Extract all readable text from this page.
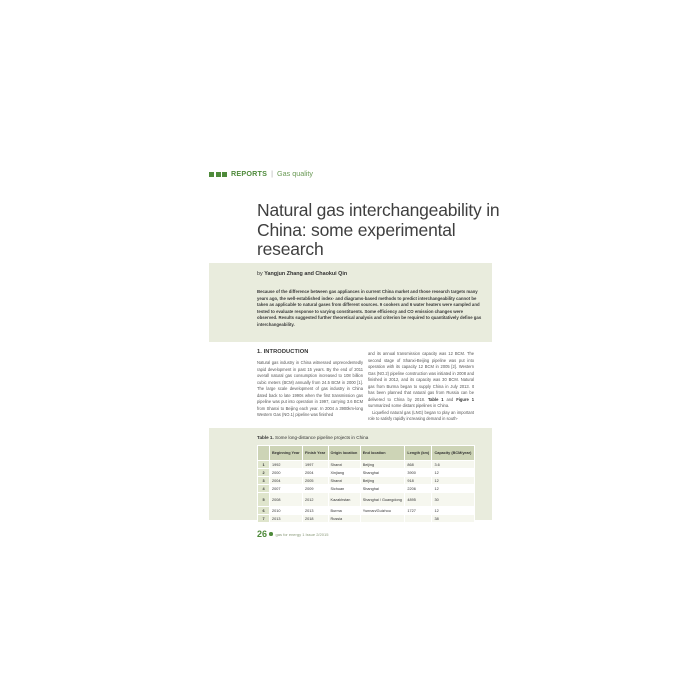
REPORTS | Gas quality
Natural gas interchangeability in China: some experimental research
by Yangjun Zhang and Chaokui Qin

Because of the difference between gas appliances in current China market and those research targets many years ago, the well-established index- and diagrams-based methods to predict interchangeability cannot be taken as applicable to natural gases from different sources. 9 cookers and 6 water heaters were sampled and tested to evaluate response to varying constituents. Some efficiency and CO emission changes were observed. Results suggested further theoretical analysis and criterion be required to quantitatively define gas interchangeability.

1. INTRODUCTION

Natural gas industry in China witnessed unprecedentedly rapid development in past 15 years. By the end of 2011 overall natural gas consumption increased to 108 billion cubic meters (BCM) annually from 24.5 BCM in 2000 [1]. The large scale development of gas industry in China dated back to late 1990s when the first transmission gas pipeline was put into operation in 1997, carrying 3.6 BCM from Shanxi to Beijing each year. In 2004 a 3900km-long Western Gas (NO.1) pipeline was finished

and its annual transmission capacity was 12 BCM. The second stage of Shanxi-Beijing pipeline was put into operation with its capacity 12 BCM in 2005 [2]. Western Gas (NO.2) pipeline construction was initiated in 2008 and finished in 2012, and its capacity was 30 BCM. Natural gas from Burma began to supply China in July 2013. It has been planned that natural gas from Russia can be delivered to China by 2018. Table 1 and Figure 1 summarized some distant pipelines in China.
Liquefied natural gas (LNG) began to play an important role to satisfy rapidly increasing demand in south-

Table 1. Some long-distance pipeline projects in China
	Beginning Year	Finish Year	Origin location	End location	Length (km)	Capacity (BCM/year)
1	1992	1997	Shanxi	Beijing	868	3.6
2	2000	2004	Xinjiang	Shanghai	3900	12
3	2004	2005	Shanxi	Beijing	918	12
4	2007	2009	Sichuan	Shanghai	2206	12
5	2008	2012	Kazakhstan	Shanghai / Guangdong	4895	30
6	2010	2013	Burma	Yunnan/Guizhou	1727	12
7	2013	2018	Russia			38
26 gas for energy 1 Issue 2/2015
